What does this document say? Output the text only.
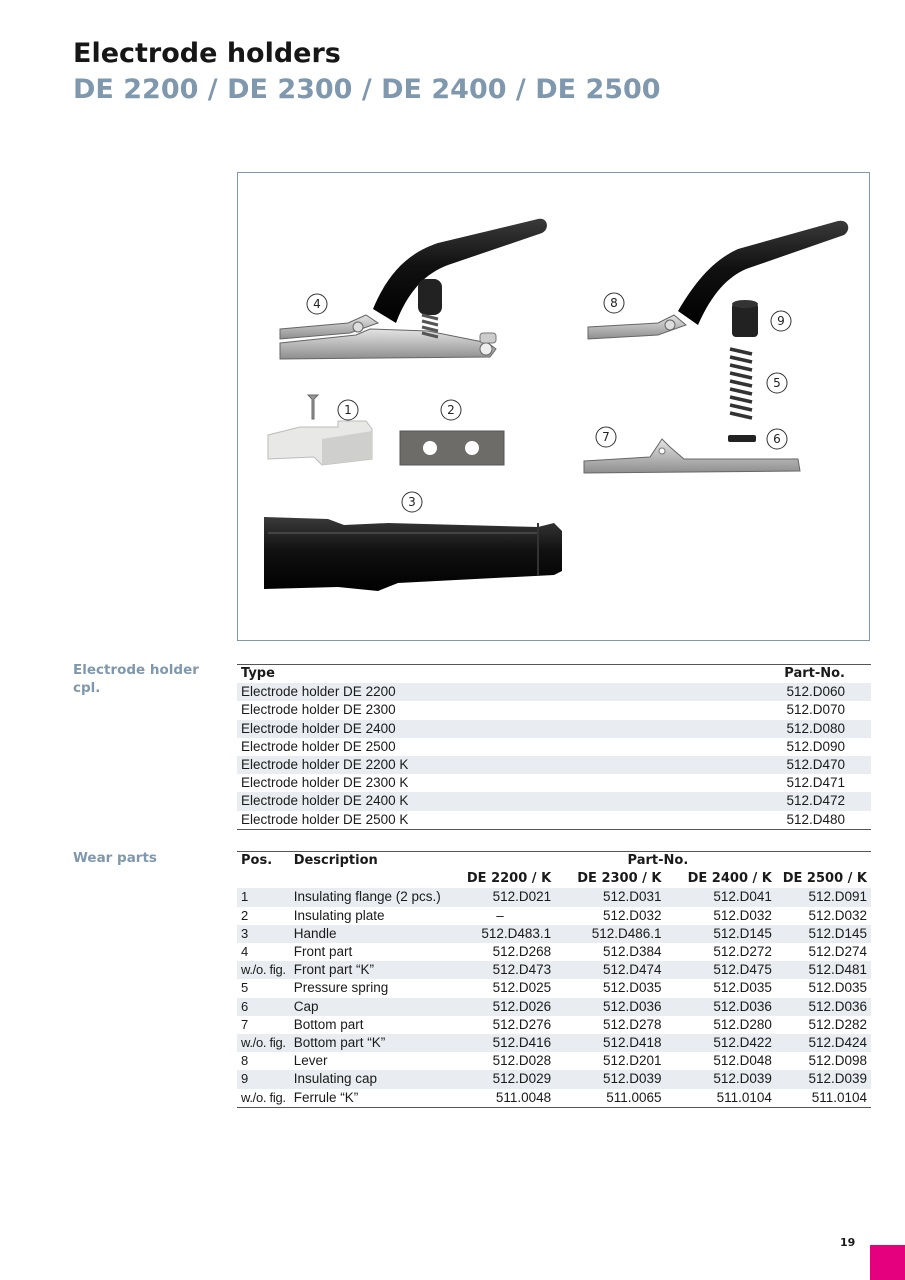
Electrode holders
DE 2200 / DE 2300 / DE 2400 / DE 2500
4
1	2
3
8
9
5
7	6
Electrode holder cpl.
Type	Part-No.
Electrode holder DE 2200	512.D060
Electrode holder DE 2300	512.D070
Electrode holder DE 2400	512.D080
Electrode holder DE 2500	512.D090
Electrode holder DE 2200 K	512.D470
Electrode holder DE 2300 K	512.D471
Electrode holder DE 2400 K	512.D472
Electrode holder DE 2500 K	512.D480
Wear parts	Pos.	Description	Part-No.			
		DE 2200 / K	DE 2300 / K	DE 2400 / K	DE 2500 / K
1	Insulating flange (2 pcs.)	512.D021	512.D031	512.D041	512.D091
2	Insulating plate	–	512.D032	512.D032	512.D032
3	Handle	512.D483.1	512.D486.1	512.D145	512.D145
4	Front part	512.D268	512.D384	512.D272	512.D274
w./o. fig.	Front part “K”	512.D473	512.D474	512.D475	512.D481
5	Pressure spring	512.D025	512.D035	512.D035	512.D035
6	Cap	512.D026	512.D036	512.D036	512.D036
7	Bottom part	512.D276	512.D278	512.D280	512.D282
w./o. fig.	Bottom part “K”	512.D416	512.D418	512.D422	512.D424
8	Lever	512.D028	512.D201	512.D048	512.D098
9	Insulating cap	512.D029	512.D039	512.D039	512.D039
w./o. fig.	Ferrule “K”	511.0048	511.0065	511.0104	511.0104
19
